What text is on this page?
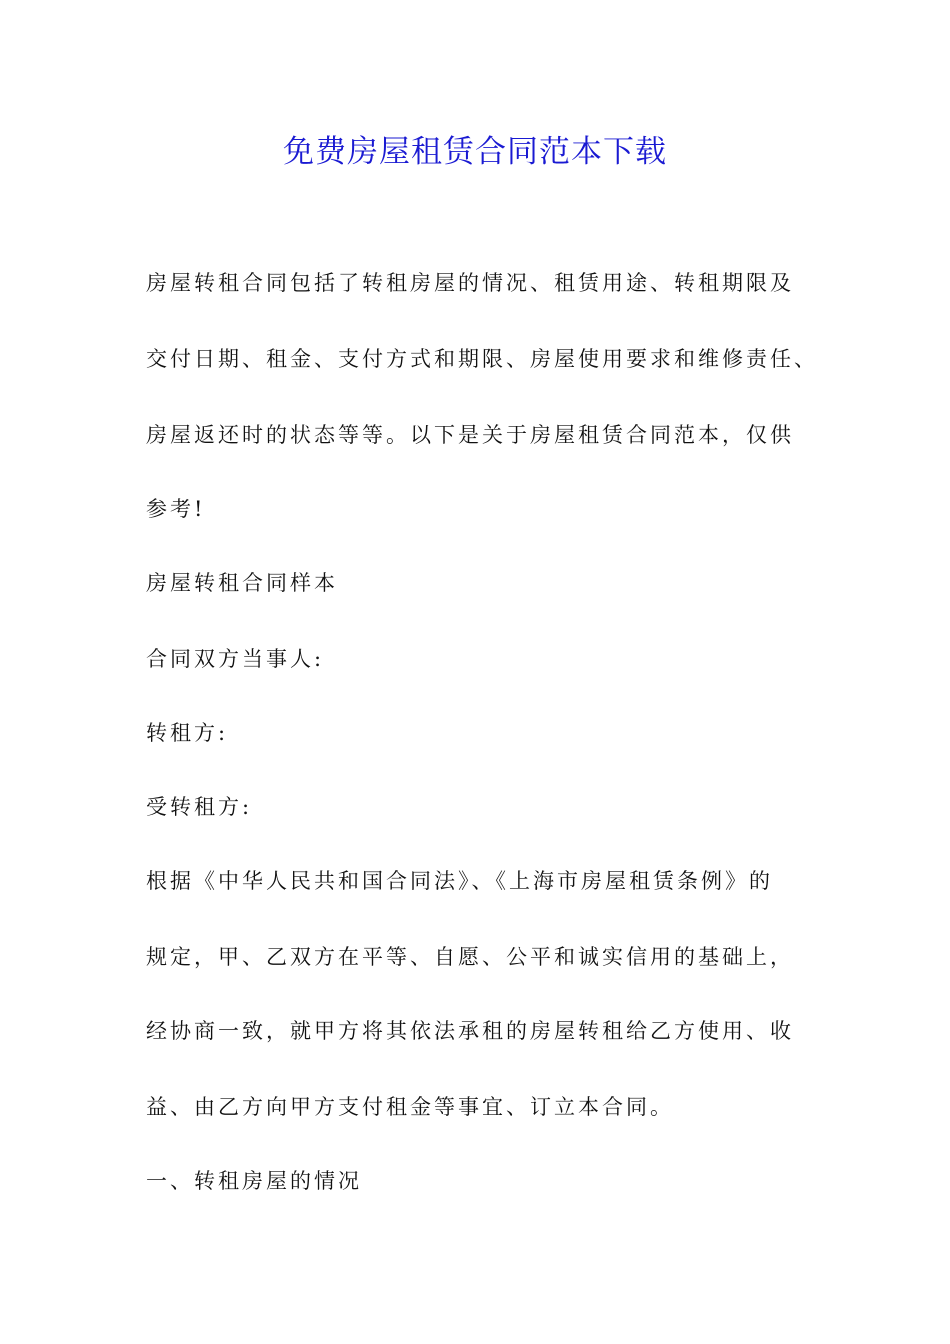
免费房屋租赁合同范本下载

房屋转租合同包括了转租房屋的情况、租赁用途、转租期限及

交付日期、租金、支付方式和期限、房屋使用要求和维修责任、

房屋返还时的状态等等。以下是关于房屋租赁合同范本，仅供

参考!

房屋转租合同样本

合同双方当事人:

转租方:

受转租方:

根据《中华人民共和国合同法》、《上海市房屋租赁条例》的

规定，甲、乙双方在平等、自愿、公平和诚实信用的基础上，

经协商一致，就甲方将其依法承租的房屋转租给乙方使用、收

益、由乙方向甲方支付租金等事宜、订立本合同。

一、转租房屋的情况
